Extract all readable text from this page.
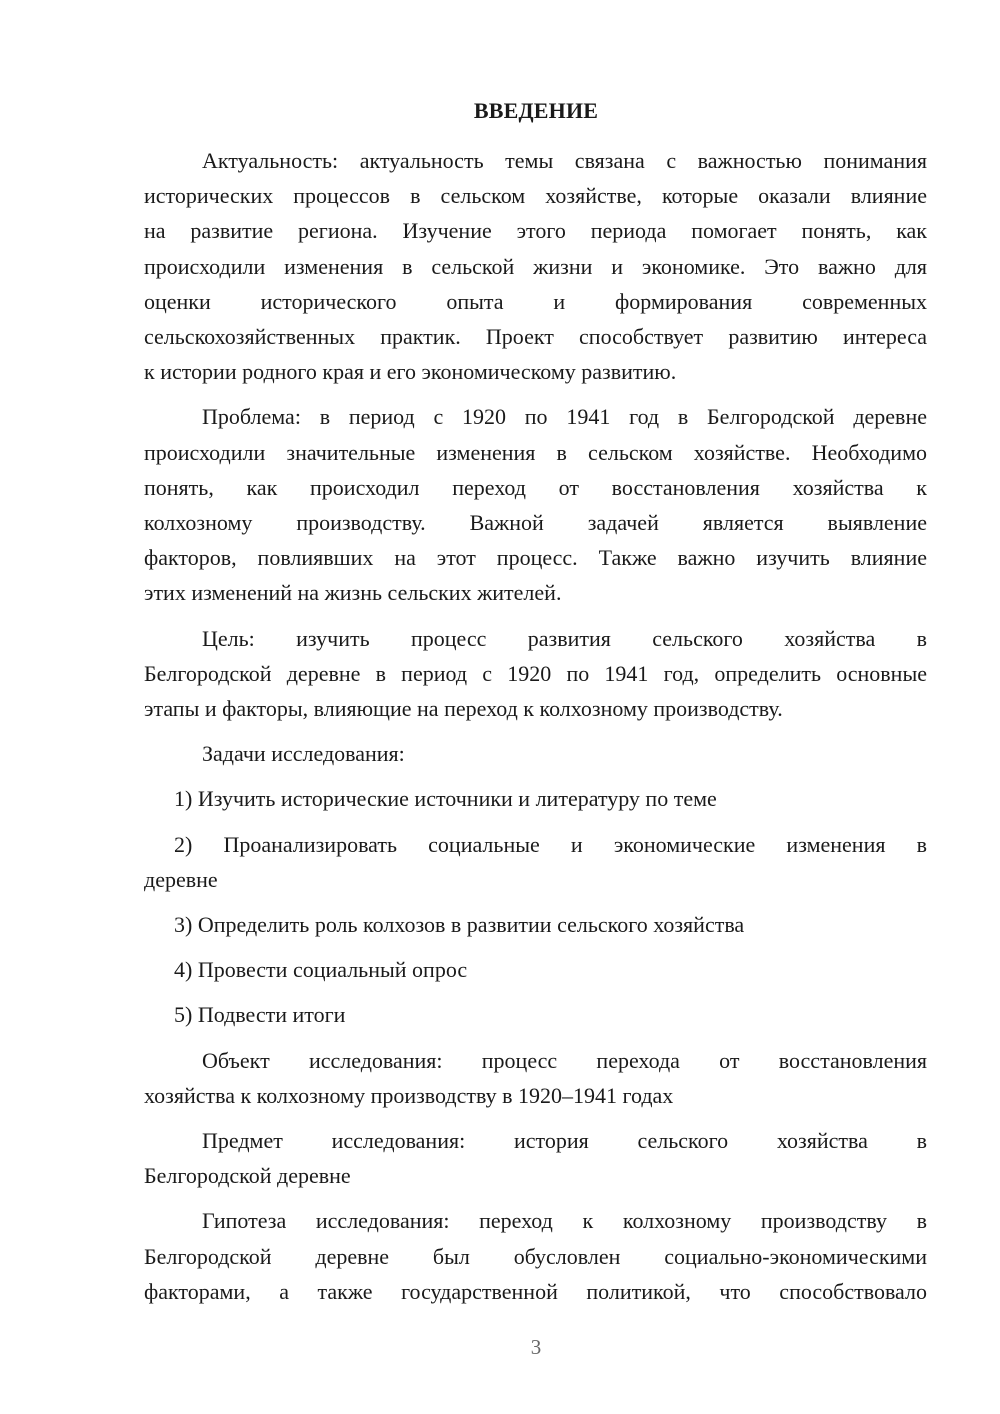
ВВЕДЕНИЕ
Актуальность: актуальность темы связана с важностью понимания
исторических процессов в сельском хозяйстве, которые оказали влияние
на развитие региона. Изучение этого периода помогает понять, как
происходили изменения в сельской жизни и экономике. Это важно для
оценки исторического опыта и формирования современных
сельскохозяйственных практик. Проект способствует развитию интереса
к истории родного края и его экономическому развитию.
Проблема: в период с 1920 по 1941 год в Белгородской деревне
происходили значительные изменения в сельском хозяйстве. Необходимо
понять, как происходил переход от восстановления хозяйства к
колхозному производству. Важной задачей является выявление
факторов, повлиявших на этот процесс. Также важно изучить влияние
этих изменений на жизнь сельских жителей.
Цель: изучить процесс развития сельского хозяйства в
Белгородской деревне в период с 1920 по 1941 год, определить основные
этапы и факторы, влияющие на переход к колхозному производству.
Задачи исследования:
1) Изучить исторические источники и литературу по теме
2) Проанализировать социальные и экономические изменения в
деревне
3) Определить роль колхозов в развитии сельского хозяйства
4) Провести социальный опрос
5) Подвести итоги
Объект исследования: процесс перехода от восстановления
хозяйства к колхозному производству в 1920–1941 годах
Предмет исследования: история сельского хозяйства в
Белгородской деревне
Гипотеза исследования: переход к колхозному производству в
Белгородской деревне был обусловлен социально-экономическими
факторами, а также государственной политикой, что способствовало
3
